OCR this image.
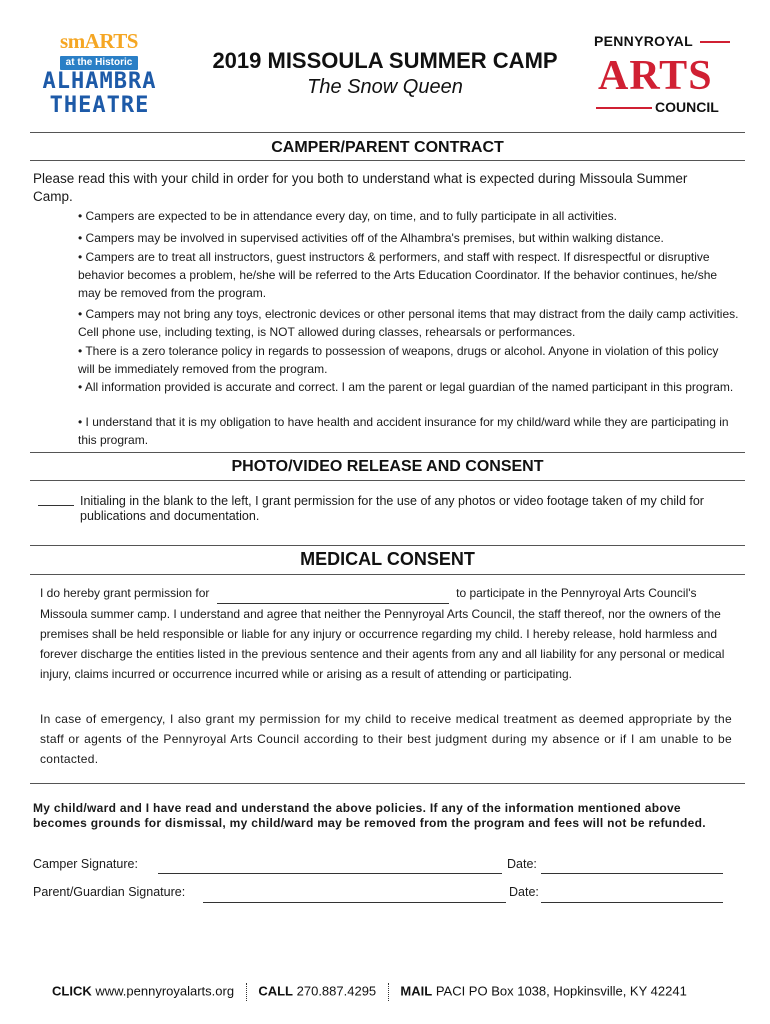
smARTS
at the Historic
ALHAMBRA
THEATRE
2019 MISSOULA SUMMER CAMP
The Snow Queen
PENNYROYAL
ARTS
COUNCIL
CAMPER/PARENT CONTRACT
Please read this with your child in order for you both to understand what is expected during Missoula Summer Camp.
• Campers are expected to be in attendance every day, on time, and to fully participate in all activities.
• Campers may be involved in supervised activities off of the Alhambra's premises, but within walking distance.
• Campers are to treat all instructors, guest instructors & performers, and staff with respect. If disrespectful or disruptive behavior becomes a problem, he/she will be referred to the Arts Education Coordinator. If the behavior continues, he/she may be removed from the program.
• Campers may not bring any toys, electronic devices or other personal items that may distract from the daily camp activities. Cell phone use, including texting, is NOT allowed during classes, rehearsals or performances.
• There is a zero tolerance policy in regards to possession of weapons, drugs or alcohol. Anyone in violation of this policy will be immediately removed from the program.
• All information provided is accurate and correct. I am the parent or legal guardian of the named participant in this program.
• I understand that it is my obligation to have health and accident insurance for my child/ward while they are participating in this program.
PHOTO/VIDEO RELEASE AND CONSENT
Initialing in the blank to the left, I grant permission for the use of any photos or video footage taken of my child for publications and documentation.
MEDICAL CONSENT
I do hereby grant permission for	to participate in the Pennyroyal Arts Council's Missoula summer camp. I understand and agree that neither the Pennyroyal Arts Council, the staff thereof, nor the owners of the premises shall be held responsible or liable for any injury or occurrence regarding my child. I hereby release, hold harmless and forever discharge the entities listed in the previous sentence and their agents from any and all liability for any personal or medical injury, claims incurred or occurrence incurred while or arising as a result of attending or participating.
In case of emergency, I also grant my permission for my child to receive medical treatment as deemed appropriate by the staff or agents of the Pennyroyal Arts Council according to their best judgment during my absence or if I am unable to be contacted.
My child/ward and I have read and understand the above policies. If any of the information mentioned above becomes grounds for dismissal, my child/ward may be removed from the program and fees will not be refunded.
Camper Signature:	Date:
Parent/Guardian Signature:	Date:
CLICK www.pennyroyalarts.org CALL 270.887.4295 MAIL PACI PO Box 1038, Hopkinsville, KY 42241
